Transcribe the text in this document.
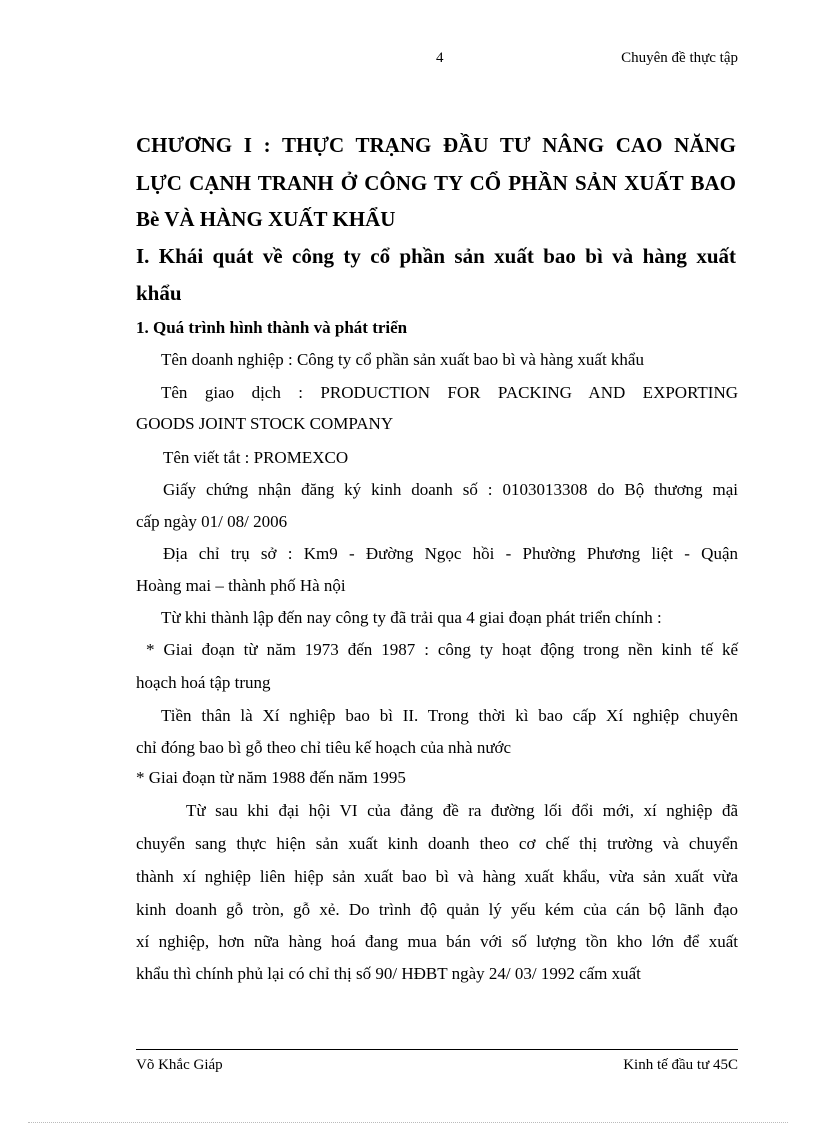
4	Chuyên đề thực tập

CHƯƠNG I : THỰC TRẠNG ĐẦU TƯ NÂNG CAO NĂNG

LỰC CẠNH TRANH Ở CÔNG TY CỔ PHẦN SẢN XUẤT BAO

Bè VÀ HÀNG XUẤT KHẨU

I. Khái quát về công ty cổ phần sản xuất bao bì và hàng xuất

khẩu

1. Quá trình hình thành và phát triển

Tên doanh nghiệp : Công ty cổ phần sản xuất bao bì và hàng xuất khẩu

Tên giao dịch : PRODUCTION FOR PACKING AND EXPORTING

GOODS JOINT STOCK COMPANY

Tên viết tắt : PROMEXCO

Giấy chứng nhận đăng ký kinh doanh số : 0103013308 do Bộ thương mại

cấp ngày 01/ 08/ 2006

Địa chỉ trụ sở : Km9 - Đường Ngọc hồi - Phường Phương liệt - Quận

Hoàng mai – thành phố Hà nội

Từ khi thành lập đến nay công ty đã trải qua 4 giai đoạn phát triển chính :

* Giai đoạn từ năm 1973 đến 1987 : công ty hoạt động trong nền kinh tế kế

hoạch hoá tập trung

Tiền thân là Xí nghiệp bao bì II. Trong thời kì bao cấp Xí nghiệp chuyên

chỉ đóng bao bì gỗ theo chỉ tiêu kế hoạch của nhà nước

* Giai đoạn từ năm 1988 đến năm 1995

Từ sau khi đại hội VI của đảng đề ra đường lối đổi mới, xí nghiệp đã

chuyển sang thực hiện sản xuất kinh doanh theo cơ chế thị trường và chuyển

thành xí nghiệp liên hiệp sản xuất bao bì và hàng xuất khẩu, vừa sản xuất vừa

kinh doanh gỗ tròn, gỗ xẻ. Do trình độ quản lý yếu kém của cán bộ lãnh đạo

xí nghiệp, hơn nữa hàng hoá đang mua bán với số lượng tồn kho lớn để xuất

khẩu thì chính phủ lại có chỉ thị số 90/ HĐBT ngày 24/ 03/ 1992 cấm xuất

Võ Khắc Giáp	Kinh tế đầu tư 45C
